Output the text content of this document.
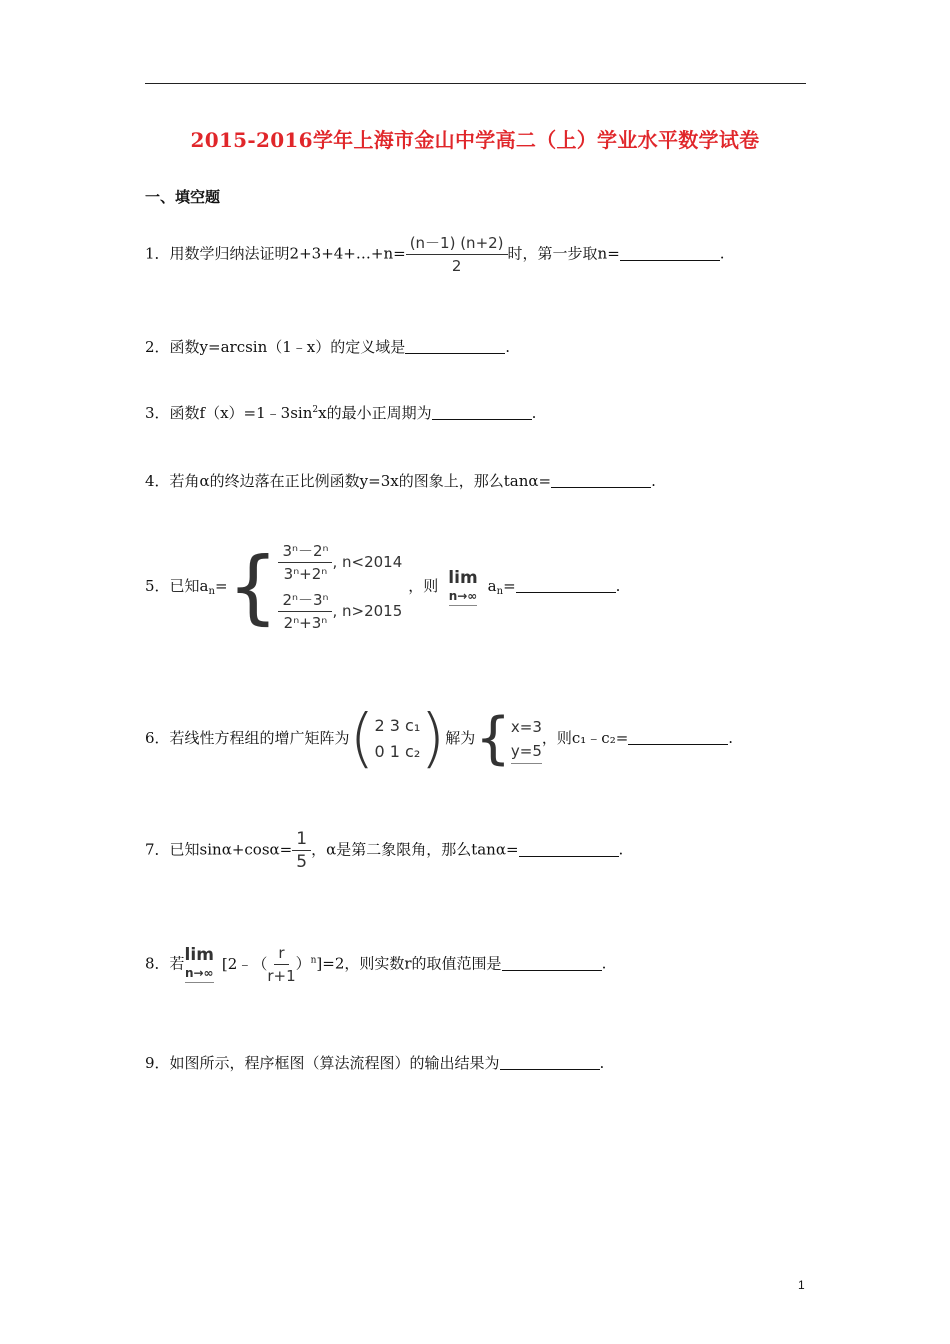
2015-2016学年上海市金山中学高二（上）学业水平数学试卷
一、填空题
1．用数学归纳法证明2+3+4+…+n= $\frac{(n-1) (n+2)}{2}$ 时，第一步取n=	.
2．函数y=arcsin（1﹣x）的定义域是	.
3．函数$f(x)=1﹣3\sin^2x$的最小正周期为	.
4．若角α的终边落在正比例函数y=3x的图象上，那么tanα=	.
5．已知$a_n=\{ \frac{\text{3ⁿ－2ⁿ}}{\text{3ⁿ+2ⁿ}}$ , n<2014
$\frac{\text{2ⁿ－3ⁿ}}{\text{2ⁿ+3ⁿ}}$ , n>2015
，则 lim
n→∞
$a_n=$	.
6．若线性方程组的增广矩阵为( 2 3 c₁
0 1 c₂ )解为{ x=3
y=5
，则c₁﹣c₂=	.
7．已知$\sin\alpha+\cos\alpha= \frac{1}{5}$ ，α是第二象限角，那么tanα=	.
8．若 lim
n→∞
[2﹣（ $\frac{r}{r+1} )^n]=2$，则实数r的取值范围是	.
9．如图所示，程序框图（算法流程图）的输出结果为	.
1
